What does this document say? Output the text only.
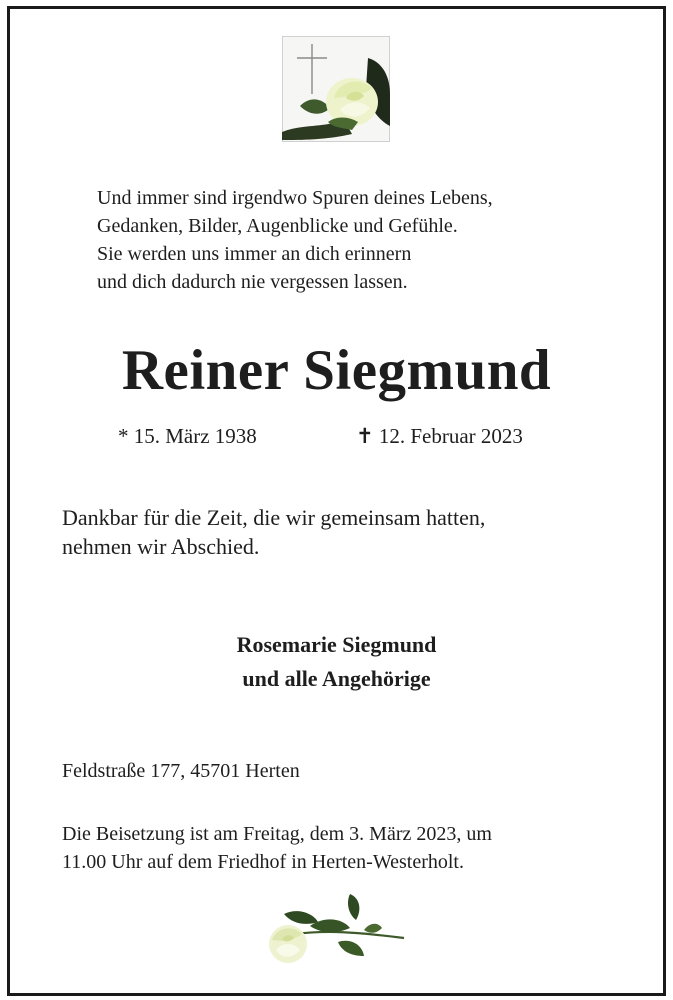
Und immer sind irgendwo Spuren deines Lebens,
Gedanken, Bilder, Augenblicke und Gefühle.
Sie werden uns immer an dich erinnern
und dich dadurch nie vergessen lassen.
Reiner Siegmund
* 15. März 1938	✝ 12. Februar 2023
Dankbar für die Zeit, die wir gemeinsam hatten,
nehmen wir Abschied.
Rosemarie Siegmund
und alle Angehörige
Feldstraße 177, 45701 Herten
Die Beisetzung ist am Freitag, dem 3. März 2023, um
11.00 Uhr auf dem Friedhof in Herten-Westerholt.
